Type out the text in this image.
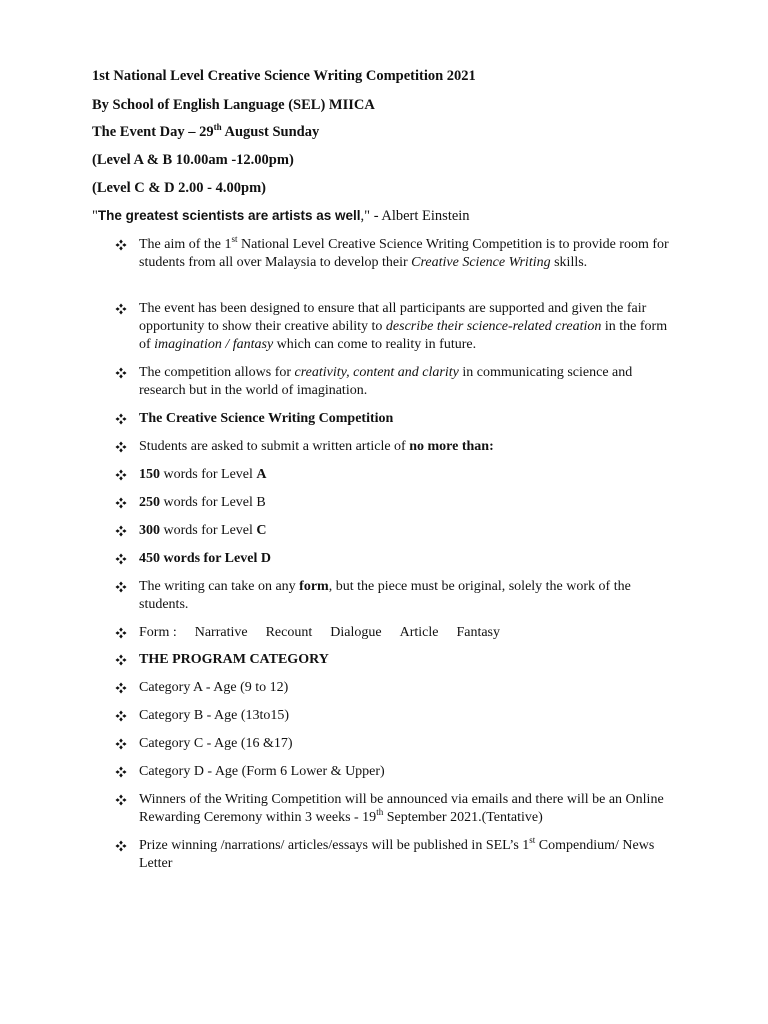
1st National Level Creative Science Writing Competition 2021
By School of English Language (SEL) MIICA
The Event Day – 29th August Sunday
(Level A & B 10.00am -12.00pm)
(Level C & D 2.00 - 4.00pm)
"The greatest scientists are artists as well," - Albert Einstein
The aim of the 1st National Level Creative Science Writing Competition is to provide room for students from all over Malaysia to develop their Creative Science Writing skills.
The event has been designed to ensure that all participants are supported and given the fair opportunity to show their creative ability to describe their science-related creation in the form of imagination / fantasy which can come to reality in future.
The competition allows for creativity, content and clarity in communicating science and research but in the world of imagination.
The Creative Science Writing Competition
Students are asked to submit a written article of no more than:
150 words for Level A
250 words for Level B
300 words for Level C
450 words for Level D
The writing can take on any form, but the piece must be original, solely the work of the students.
Form : Narrative Recount Dialogue Article Fantasy
THE PROGRAM CATEGORY
Category A - Age (9 to 12)
Category B - Age (13to15)
Category C - Age (16 &17)
Category D - Age (Form 6 Lower & Upper)
Winners of the Writing Competition will be announced via emails and there will be an Online Rewarding Ceremony within 3 weeks - 19th September 2021.(Tentative)
Prize winning /narrations/ articles/essays will be published in SEL’s 1st Compendium/ News Letter
